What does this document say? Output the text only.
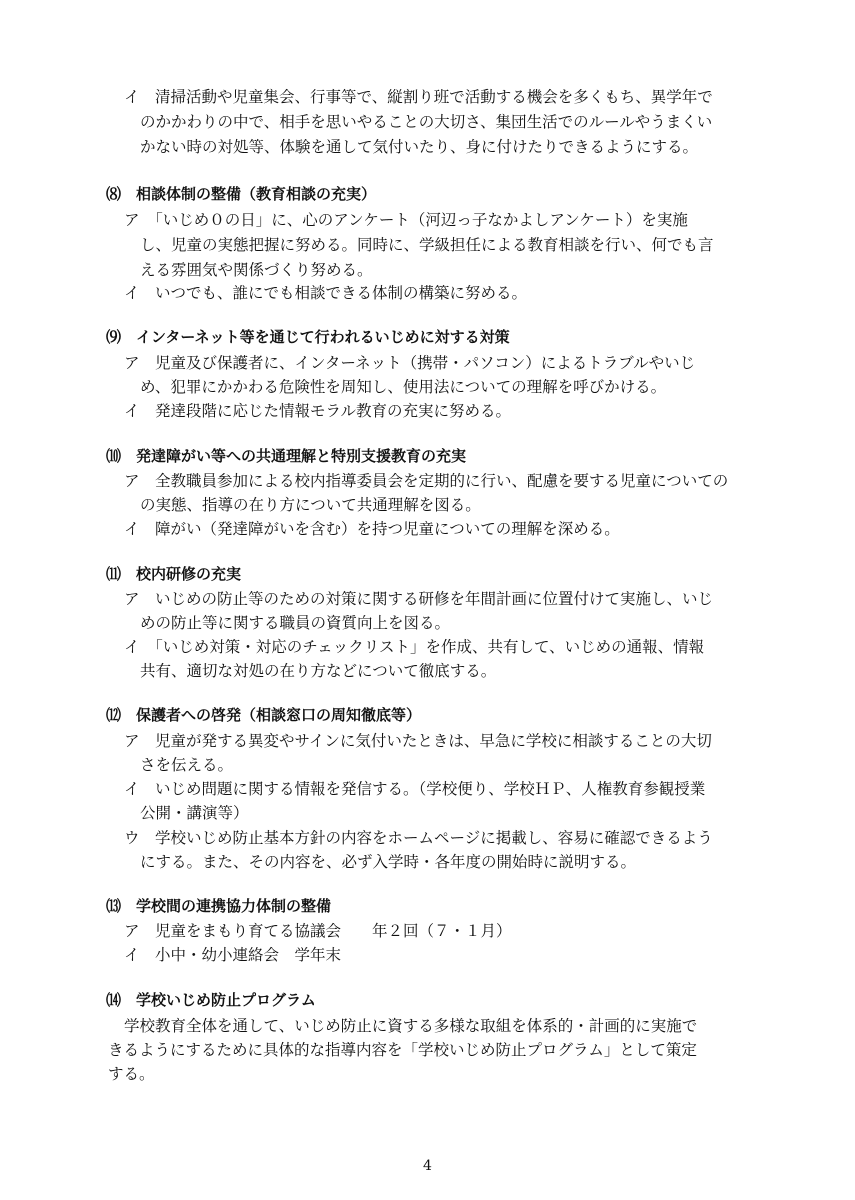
イ　清掃活動や児童集会、行事等で、縦割り班で活動する機会を多くもち、異学年で
のかかわりの中で、相手を思いやることの大切さ、集団生活でのルールやうまくい
かない時の対処等、体験を通して気付いたり、身に付けたりできるようにする。
⑻　相談体制の整備（教育相談の充実）
ア　「いじめ０の日」に、心のアンケート（河辺っ子なかよしアンケート）を実施
し、児童の実態把握に努める。同時に、学級担任による教育相談を行い、何でも言
える雰囲気や関係づくり努める。
イ　いつでも、誰にでも相談できる体制の構築に努める。
⑼　インターネット等を通じて行われるいじめに対する対策
ア　児童及び保護者に、インターネット（携帯・パソコン）によるトラブルやいじ
め、犯罪にかかわる危険性を周知し、使用法についての理解を呼びかける。
イ　発達段階に応じた情報モラル教育の充実に努める。
⑽　発達障がい等への共通理解と特別支援教育の充実
ア　全教職員参加による校内指導委員会を定期的に行い、配慮を要する児童についての
の実態、指導の在り方について共通理解を図る。
イ　障がい（発達障がいを含む）を持つ児童についての理解を深める。
⑾　校内研修の充実
ア　いじめの防止等のための対策に関する研修を年間計画に位置付けて実施し、いじ
めの防止等に関する職員の資質向上を図る。
イ　「いじめ対策・対応のチェックリスト」を作成、共有して、いじめの通報、情報
共有、適切な対処の在り方などについて徹底する。
⑿　保護者への啓発（相談窓口の周知徹底等）
ア　児童が発する異変やサインに気付いたときは、早急に学校に相談することの大切
さを伝える。
イ　いじめ問題に関する情報を発信する。（学校便り、学校ＨＰ、人権教育参観授業
公開・講演等）
ウ　学校いじめ防止基本方針の内容をホームページに掲載し、容易に確認できるよう
にする。また、その内容を、必ず入学時・各年度の開始時に説明する。
⒀　学校間の連携協力体制の整備
ア　児童をまもり育てる協議会　　年２回（７・１月）
イ　小中・幼小連絡会　学年末
⒁　学校いじめ防止プログラム
学校教育全体を通して、いじめ防止に資する多様な取組を体系的・計画的に実施で
きるようにするために具体的な指導内容を「学校いじめ防止プログラム」として策定
する。
4
